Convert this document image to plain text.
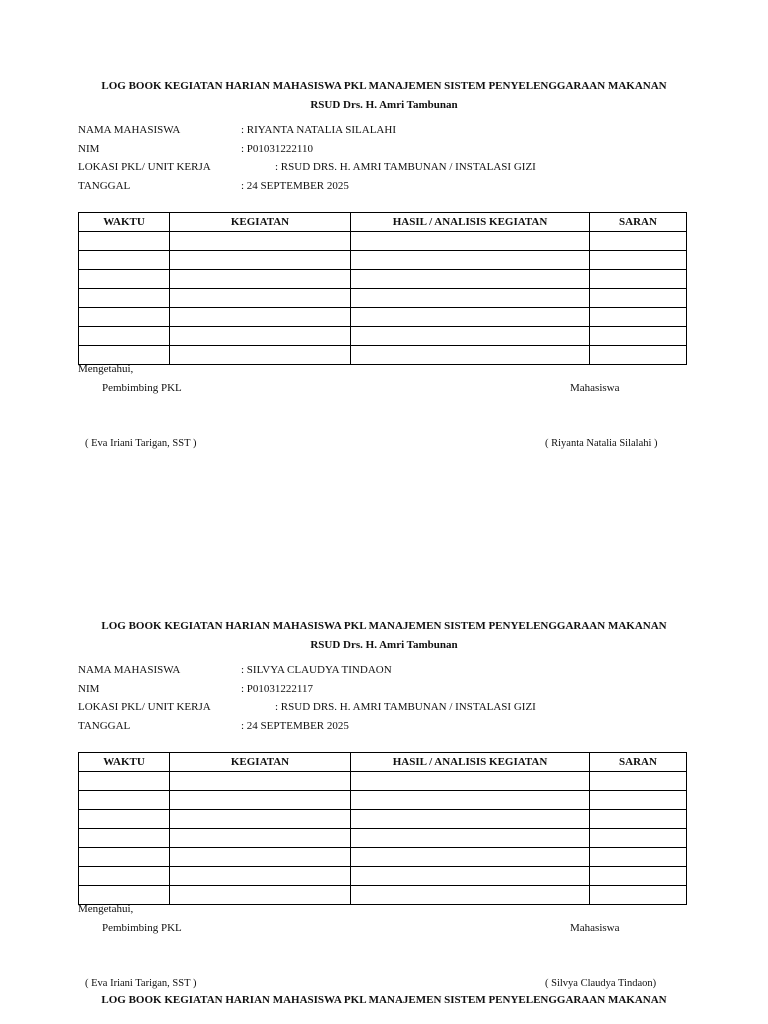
LOG BOOK KEGIATAN HARIAN MAHASISWA PKL MANAJEMEN SISTEM PENYELENGGARAAN MAKANAN
RSUD Drs. H. Amri Tambunan
NAMA MAHASISWA	: RIYANTA NATALIA SILALAHI
NIM	: P01031222110
LOKASI PKL/ UNIT KERJA	: RSUD DRS. H. AMRI TAMBUNAN / INSTALASI GIZI
TANGGAL	: 24 SEPTEMBER 2025
WAKTU	KEGIATAN	HASIL / ANALISIS KEGIATAN	SARAN

Mengetahui,
Pembimbing PKL	Mahasiswa
( Eva Iriani Tarigan, SST )	( Riyanta Natalia Silalahi )
LOG BOOK KEGIATAN HARIAN MAHASISWA PKL MANAJEMEN SISTEM PENYELENGGARAAN MAKANAN
RSUD Drs. H. Amri Tambunan
NAMA MAHASISWA	: SILVYA CLAUDYA TINDAON
NIM	: P01031222117
LOKASI PKL/ UNIT KERJA	: RSUD DRS. H. AMRI TAMBUNAN / INSTALASI GIZI
TANGGAL	: 24 SEPTEMBER 2025
WAKTU	KEGIATAN	HASIL / ANALISIS KEGIATAN	SARAN

Mengetahui,
Pembimbing PKL	Mahasiswa
( Eva Iriani Tarigan, SST )	( Silvya Claudya Tindaon)
LOG BOOK KEGIATAN HARIAN MAHASISWA PKL MANAJEMEN SISTEM PENYELENGGARAAN MAKANAN
